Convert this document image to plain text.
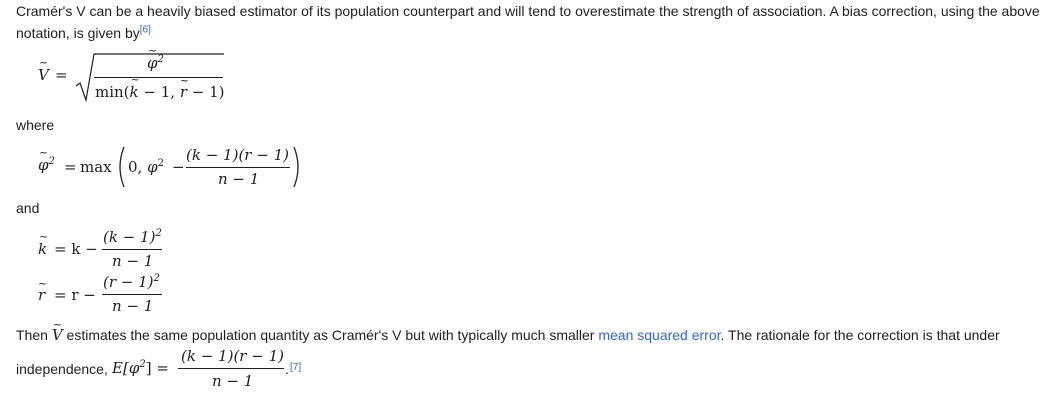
Cramér's V can be a heavily biased estimator of its population counterpart and will tend to overestimate the strength of association. A bias correction, using the above
notation, is given by[6]
~ V =
~ $\varphi^2$
min(~ k − 1, ~ r − 1)
where
~ $\varphi^2 = \max 0$, $\varphi^2$ −
(k − 1)(r − 1)
n − 1
and
~ k = k −
$(k - 1)^2$
n − 1
~ r = r −
$(r - 1)^2$
n − 1
Then ~ V estimates the same population quantity as Cramér's V but with typically much smaller mean squared error. The rationale for the correction is that under
independence, $E[\varphi^2]$ =
(k − 1)(r − 1)
n − 1
. [7]
